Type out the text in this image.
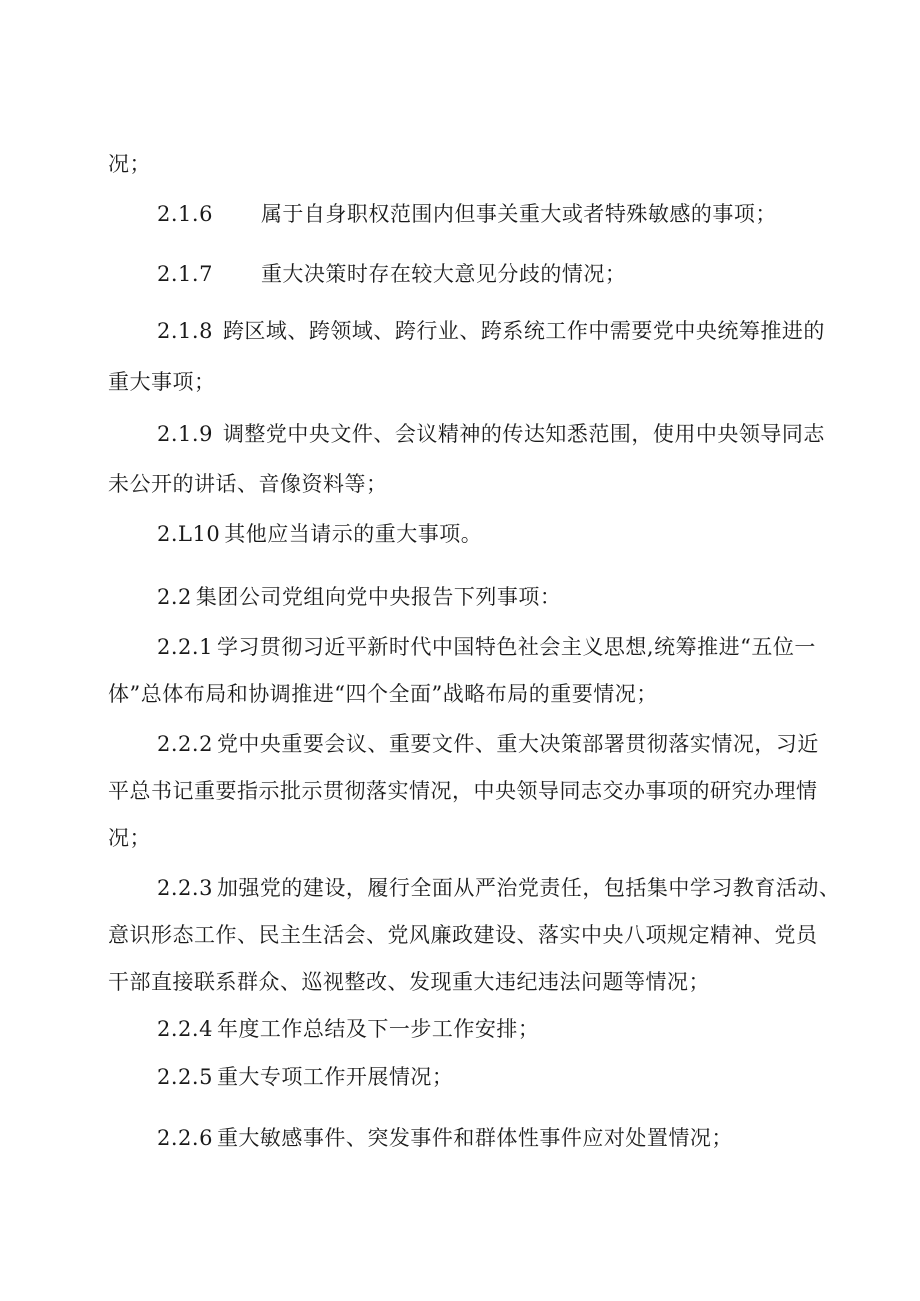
况；
2.1.6 属于自身职权范围内但事关重大或者特殊敏感的事项；
2.1.7 重大决策时存在较大意见分歧的情况；
2.1.8 跨区域、跨领域、跨行业、跨系统工作中需要党中央统筹推进的
重大事项；
2.1.9 调整党中央文件、会议精神的传达知悉范围，使用中央领导同志
未公开的讲话、音像资料等；
2.L10 其他应当请示的重大事项。
2.2 集团公司党组向党中央报告下列事项：
2.2.1 学习贯彻习近平新时代中国特色社会主义思想,统筹推进“五位一
体”总体布局和协调推进“四个全面”战略布局的重要情况；
2.2.2 党中央重要会议、重要文件、重大决策部署贯彻落实情况，习近
平总书记重要指示批示贯彻落实情况，中央领导同志交办事项的研究办理情
况；
2.2.3 加强党的建设，履行全面从严治党责任，包括集中学习教育活动、
意识形态工作、民主生活会、党风廉政建设、落实中央八项规定精神、党员
干部直接联系群众、巡视整改、发现重大违纪违法问题等情况；
2.2.4 年度工作总结及下一步工作安排；
2.2.5 重大专项工作开展情况；
2.2.6 重大敏感事件、突发事件和群体性事件应对处置情况；
